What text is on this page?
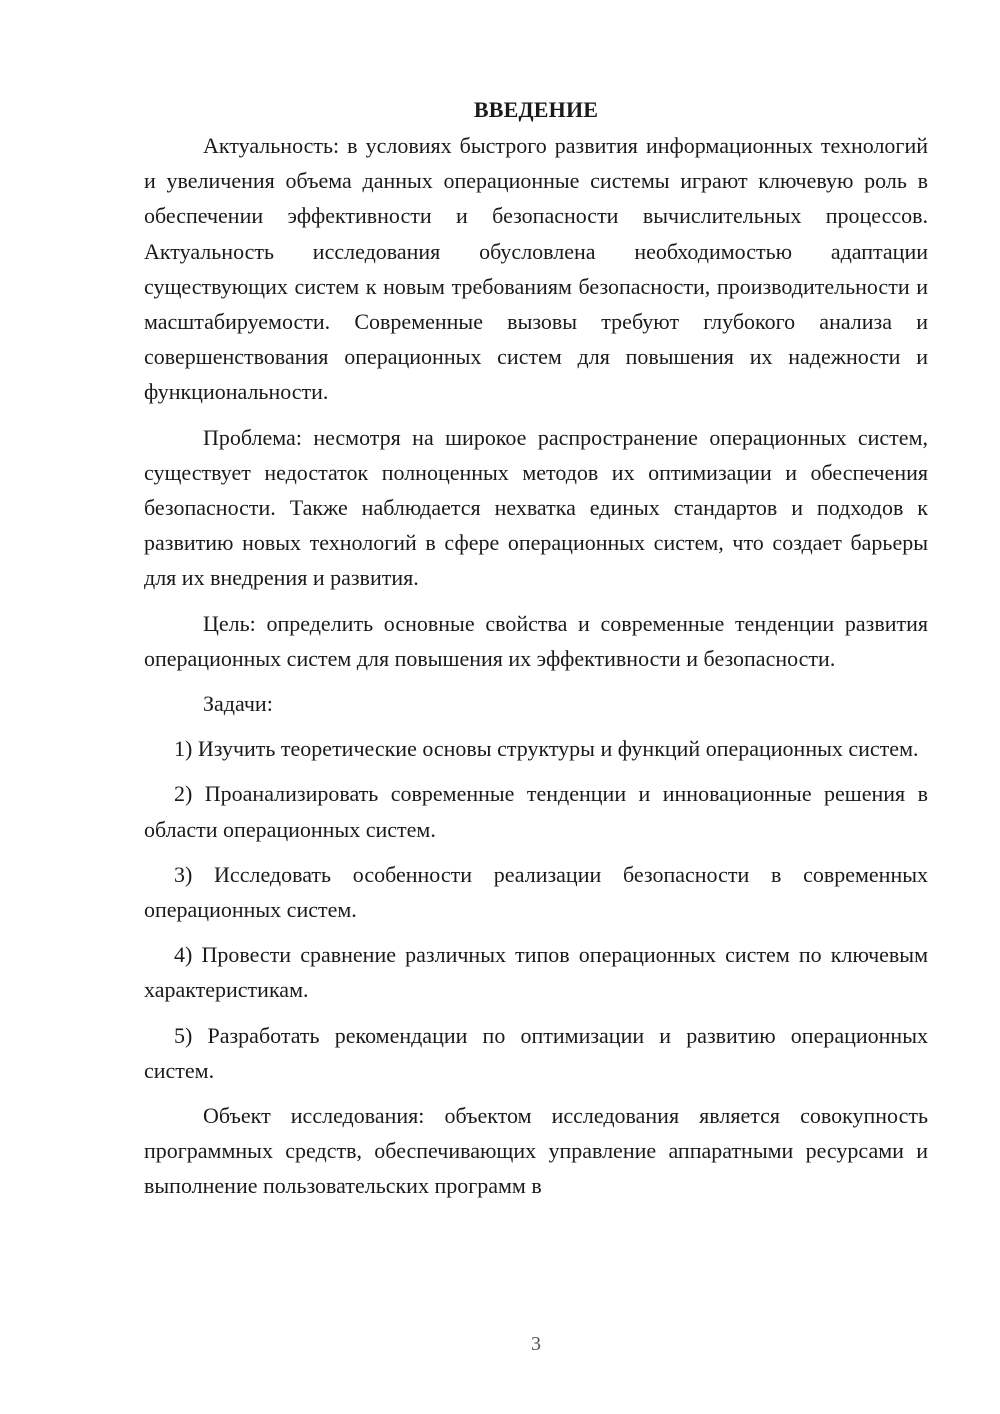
ВВЕДЕНИЕ

Актуальность: в условиях быстрого развития информационных технологий и увеличения объема данных операционные системы играют ключевую роль в обеспечении эффективности и безопасности вычислительных процессов. Актуальность исследования обусловлена необходимостью адаптации существующих систем к новым требованиям безопасности, производительности и масштабируемости. Современные вызовы требуют глубокого анализа и совершенствования операционных систем для повышения их надежности и функциональности.

Проблема: несмотря на широкое распространение операционных систем, существует недостаток полноценных методов их оптимизации и обеспечения безопасности. Также наблюдается нехватка единых стандартов и подходов к развитию новых технологий в сфере операционных систем, что создает барьеры для их внедрения и развития.

Цель: определить основные свойства и современные тенденции развития операционных систем для повышения их эффективности и безопасности.

Задачи:

1) Изучить теоретические основы структуры и функций операционных систем.

2) Проанализировать современные тенденции и инновационные решения в области операционных систем.

3) Исследовать особенности реализации безопасности в современных операционных систем.

4) Провести сравнение различных типов операционных систем по ключевым характеристикам.

5) Разработать рекомендации по оптимизации и развитию операционных систем.

Объект исследования: объектом исследования является совокупность программных средств, обеспечивающих управление аппаратными ресурсами и выполнение пользовательских программ в

3
